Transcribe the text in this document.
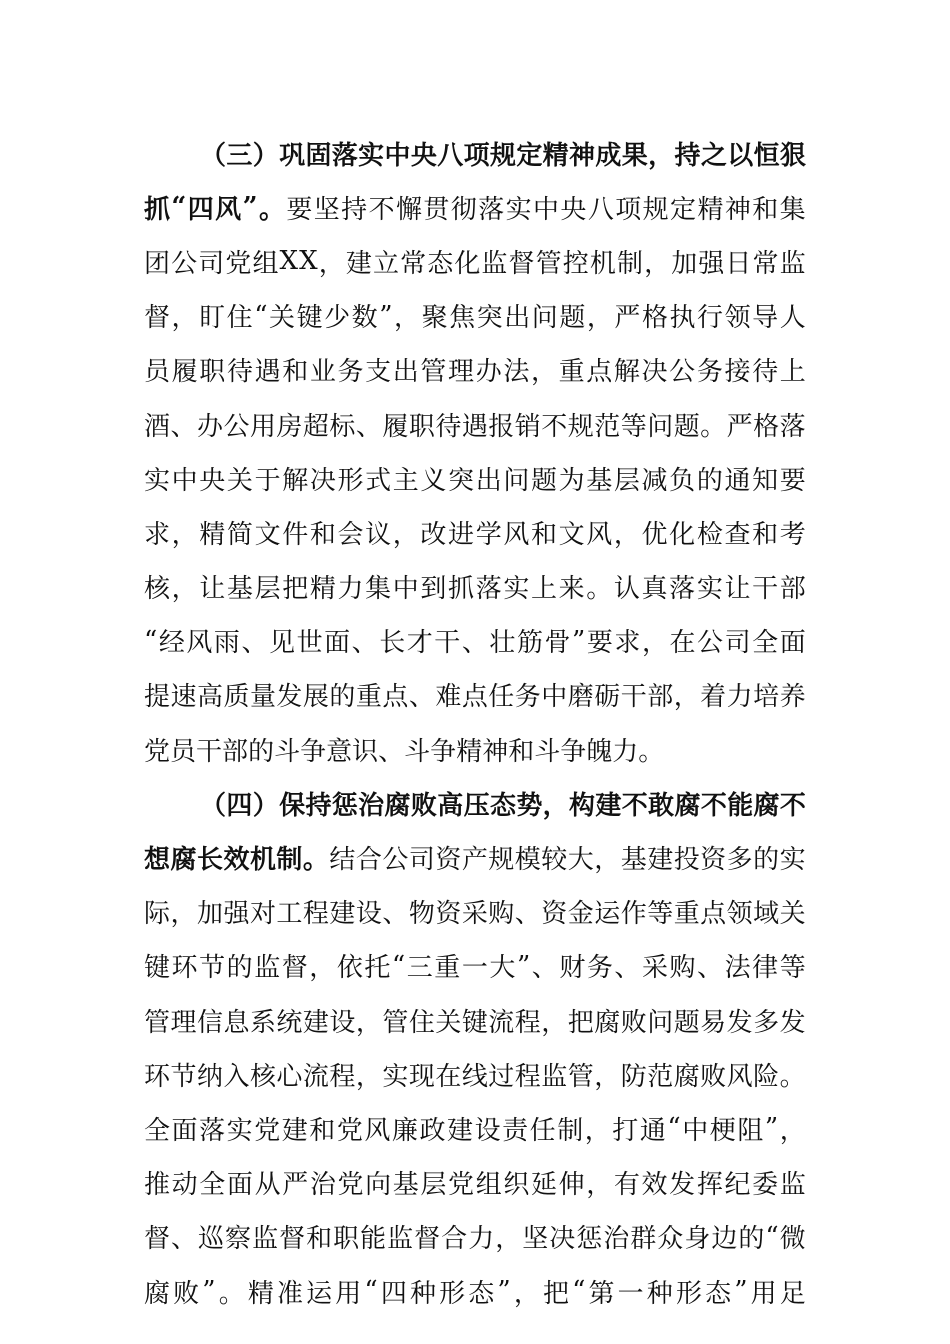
（ 三 ） 巩 固 落 实 中 央 八 项 规 定 精 神 成 果 ， 持 之 以 恒 狠
抓 “ 四 风 ” 。 要 坚 持 不 懈 贯 彻 落 实 中 央 八 项 规 定 精 神 和 集
团 公 司 党 组 X X ， 建 立 常 态 化 监 督 管 控 机 制 ， 加 强 日 常 监
督 ， 盯 住 “ 关 键 少 数 ” ， 聚 焦 突 出 问 题 ， 严 格 执 行 领 导 人
员 履 职 待 遇 和 业 务 支 出 管 理 办 法 ， 重 点 解 决 公 务 接 待 上
酒 、 办 公 用 房 超 标 、 履 职 待 遇 报 销 不 规 范 等 问 题 。 严 格 落
实 中 央 关 于 解 决 形 式 主 义 突 出 问 题 为 基 层 减 负 的 通 知 要
求 ， 精 简 文 件 和 会 议 ， 改 进 学 风 和 文 风 ， 优 化 检 查 和 考
核 ， 让 基 层 把 精 力 集 中 到 抓 落 实 上 来 。 认 真 落 实 让 干 部
“ 经 风 雨 、 见 世 面 、 长 才 干 、 壮 筋 骨 ” 要 求 ， 在 公 司 全 面
提 速 高 质 量 发 展 的 重 点 、 难 点 任 务 中 磨 砺 干 部 ， 着 力 培 养
党 员 干 部 的 斗 争 意 识 、 斗 争 精 神 和 斗 争 魄 力 。
（ 四 ） 保 持 惩 治 腐 败 高 压 态 势 ， 构 建 不 敢 腐 不 能 腐 不
想 腐 长 效 机 制 。 结 合 公 司 资 产 规 模 较 大 ， 基 建 投 资 多 的 实
际 ， 加 强 对 工 程 建 设 、 物 资 采 购 、 资 金 运 作 等 重 点 领 域 关
键 环 节 的 监 督 ， 依 托 “ 三 重 一 大 ” 、 财 务 、 采 购 、 法 律 等
管 理 信 息 系 统 建 设 ， 管 住 关 键 流 程 ， 把 腐 败 问 题 易 发 多 发
环 节 纳 入 核 心 流 程 ， 实 现 在 线 过 程 监 管 ， 防 范 腐 败 风 险 。
全 面 落 实 党 建 和 党 风 廉 政 建 设 责 任 制 ， 打 通 “ 中 梗 阻 ” ，
推 动 全 面 从 严 治 党 向 基 层 党 组 织 延 伸 ， 有 效 发 挥 纪 委 监
督 、 巡 察 监 督 和 职 能 监 督 合 力 ， 坚 决 惩 治 群 众 身 边 的 “ 微
腐 败 ” 。 精 准 运 用 “ 四 种 形 态 ” ， 把 “ 第 一 种 形 态 ” 用 足
